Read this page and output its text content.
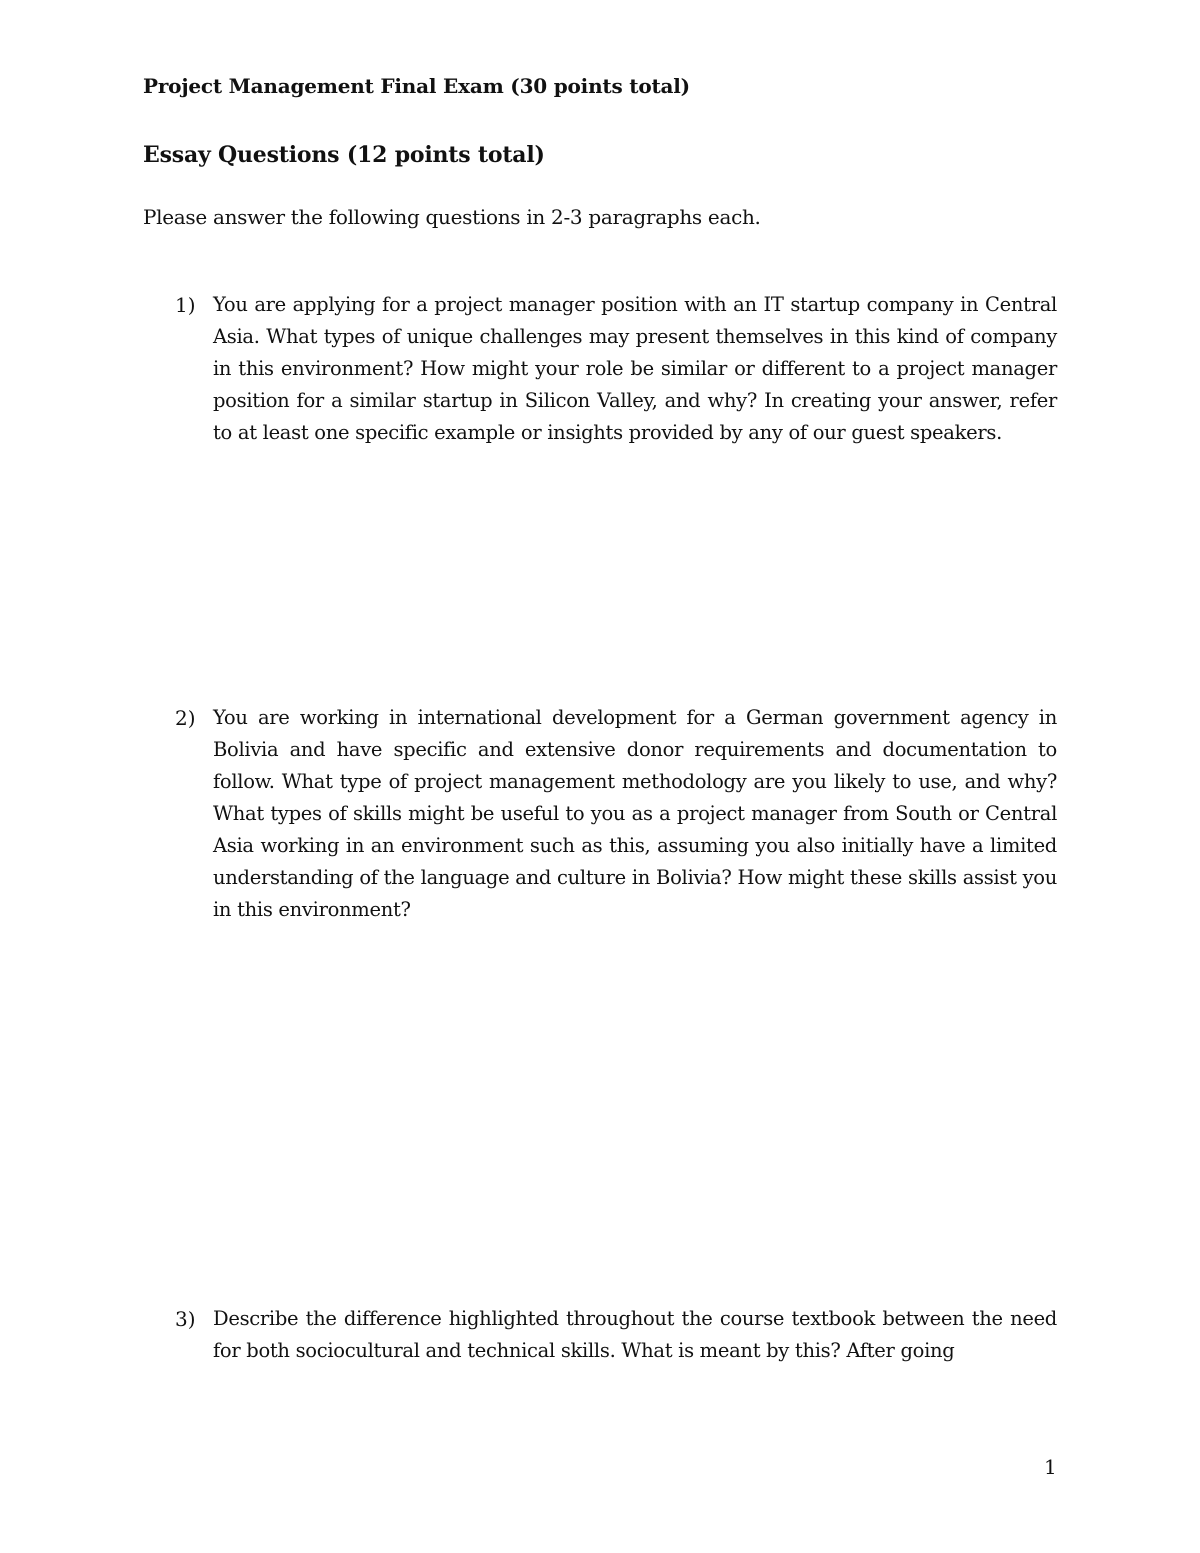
Project Management Final Exam (30 points total)
Essay Questions (12 points total)
Please answer the following questions in 2-3 paragraphs each.
1) You are applying for a project manager position with an IT startup company in Central Asia. What types of unique challenges may present themselves in this kind of company in this environment? How might your role be similar or different to a project manager position for a similar startup in Silicon Valley, and why? In creating your answer, refer to at least one specific example or insights provided by any of our guest speakers.
2) You are working in international development for a German government agency in Bolivia and have specific and extensive donor requirements and documentation to follow. What type of project management methodology are you likely to use, and why? What types of skills might be useful to you as a project manager from South or Central Asia working in an environment such as this, assuming you also initially have a limited understanding of the language and culture in Bolivia? How might these skills assist you in this environment?
3) Describe the difference highlighted throughout the course textbook between the need for both sociocultural and technical skills. What is meant by this? After going
1
